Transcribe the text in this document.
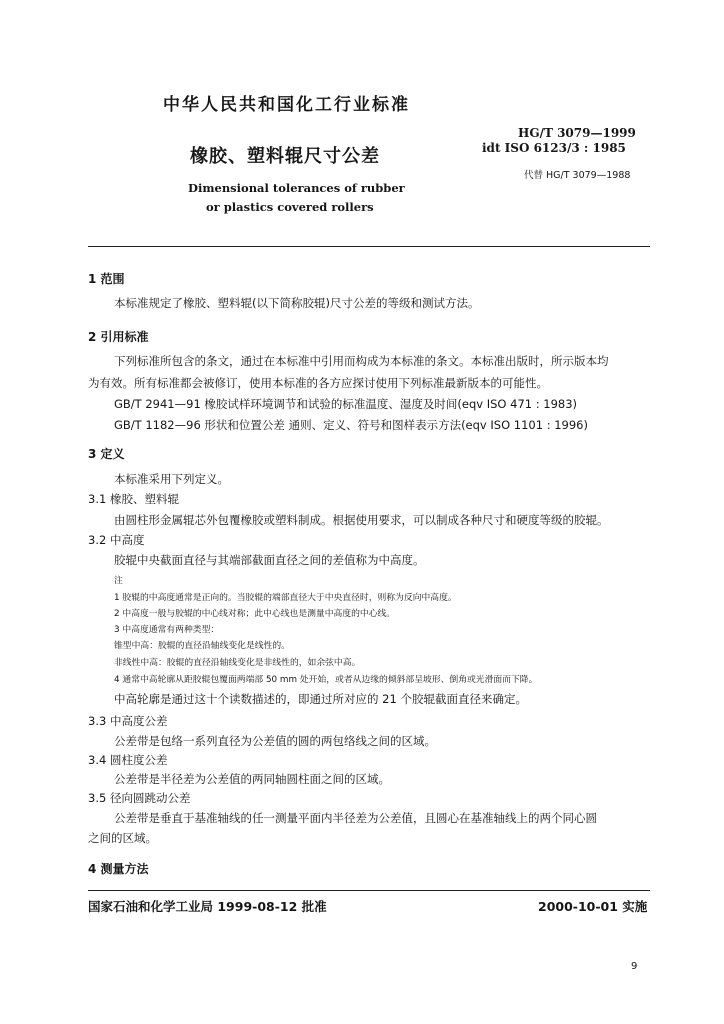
中华人民共和国化工行业标准
橡胶、塑料辊尺寸公差
Dimensional tolerances of rubber
or plastics covered rollers
HG/T 3079—1999
idt ISO 6123/3 : 1985
代替 HG/T 3079—1988
1 范围
本标准规定了橡胶、塑料辊(以下简称胶辊)尺寸公差的等级和测试方法。
2 引用标准
下列标准所包含的条文，通过在本标准中引用而构成为本标准的条文。本标准出版时，所示版本均
为有效。所有标准都会被修订，使用本标准的各方应探讨使用下列标准最新版本的可能性。
GB/T 2941—91 橡胶试样环境调节和试验的标准温度、湿度及时间(eqv ISO 471 : 1983)
GB/T 1182—96 形状和位置公差 通则、定义、符号和图样表示方法(eqv ISO 1101 : 1996)
3 定义
本标准采用下列定义。
3.1 橡胶、塑料辊
由圆柱形金属辊芯外包覆橡胶或塑料制成。根据使用要求，可以制成各种尺寸和硬度等级的胶辊。
3.2 中高度
胶辊中央截面直径与其端部截面直径之间的差值称为中高度。
注
1 胶辊的中高度通常是正向的。当胶辊的端部直径大于中央直径时，则称为反向中高度。
2 中高度一般与胶辊的中心线对称；此中心线也是测量中高度的中心线。
3 中高度通常有两种类型：
锥型中高：胶辊的直径沿轴线变化是线性的。
非线性中高：胶辊的直径沿轴线变化是非线性的，如余弦中高。
4 通常中高轮廓从距胶辊包覆面两端部 50 mm 处开始，或者从边缘的倾斜部呈坡形、倒角或光滑面而下降。
中高轮廓是通过这十个读数描述的，即通过所对应的 21 个胶辊截面直径来确定。
3.3 中高度公差
公差带是包络一系列直径为公差值的圆的两包络线之间的区域。
3.4 圆柱度公差
公差带是半径差为公差值的两同轴圆柱面之间的区域。
3.5 径向圆跳动公差
公差带是垂直于基准轴线的任一测量平面内半径差为公差值，且圆心在基准轴线上的两个同心圆
之间的区域。
4 测量方法
国家石油和化学工业局 1999-08-12 批准	2000-10-01 实施
9
